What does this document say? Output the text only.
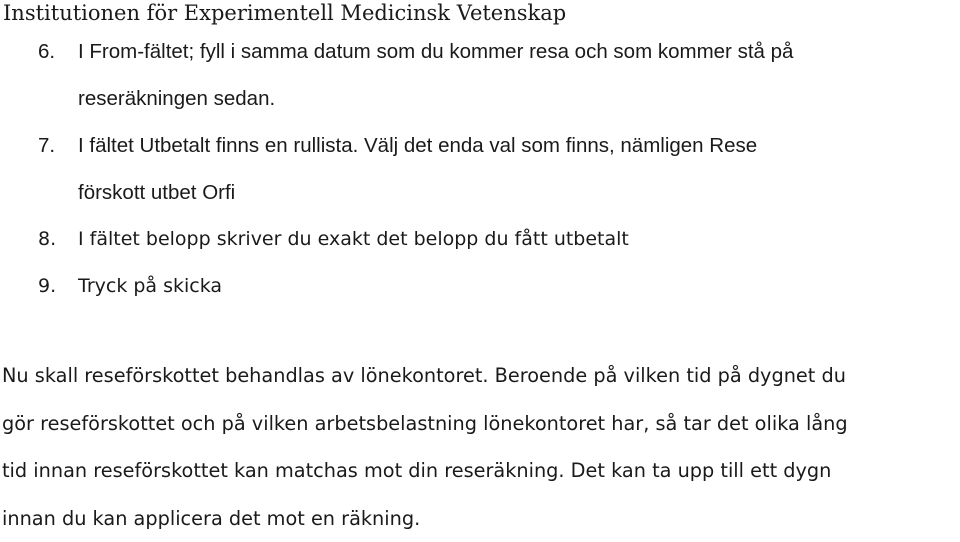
Institutionen för Experimentell Medicinsk Vetenskap
6. I From-fältet; fyll i samma datum som du kommer resa och som kommer stå på
reseräkningen sedan.
7. I fältet Utbetalt finns en rullista. Välj det enda val som finns, nämligen Rese
förskott utbet Orfi
8. I fältet belopp skriver du exakt det belopp du fått utbetalt
9. Tryck på skicka

Nu skall reseförskottet behandlas av lönekontoret. Beroende på vilken tid på dygnet du
gör reseförskottet och på vilken arbetsbelastning lönekontoret har, så tar det olika lång
tid innan reseförskottet kan matchas mot din reseräkning. Det kan ta upp till ett dygn
innan du kan applicera det mot en räkning.
